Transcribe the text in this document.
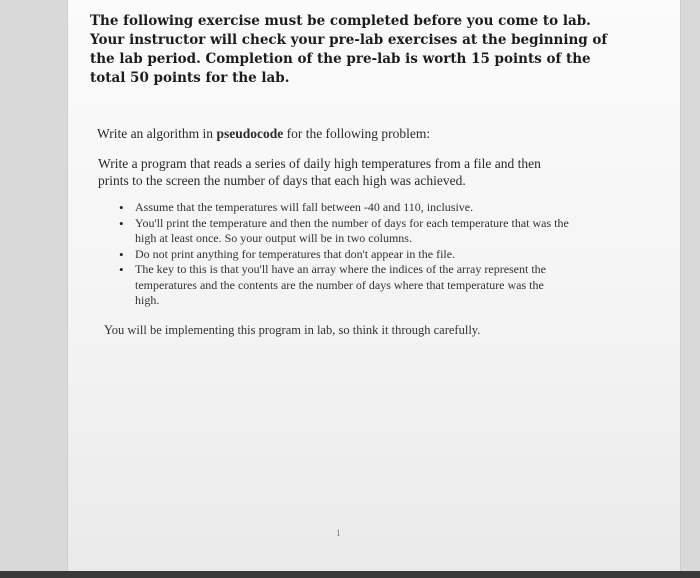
The following exercise must be completed before you come to lab. Your instructor will check your pre-lab exercises at the beginning of the lab period. Completion of the pre-lab is worth 15 points of the total 50 points for the lab.

Write an algorithm in pseudocode for the following problem:

Write a program that reads a series of daily high temperatures from a file and then prints to the screen the number of days that each high was achieved.

• Assume that the temperatures will fall between -40 and 110, inclusive.
• You'll print the temperature and then the number of days for each temperature that was the high at least once. So your output will be in two columns.
• Do not print anything for temperatures that don't appear in the file.
• The key to this is that you'll have an array where the indices of the array represent the temperatures and the contents are the number of days where that temperature was the high.

You will be implementing this program in lab, so think it through carefully.

1
